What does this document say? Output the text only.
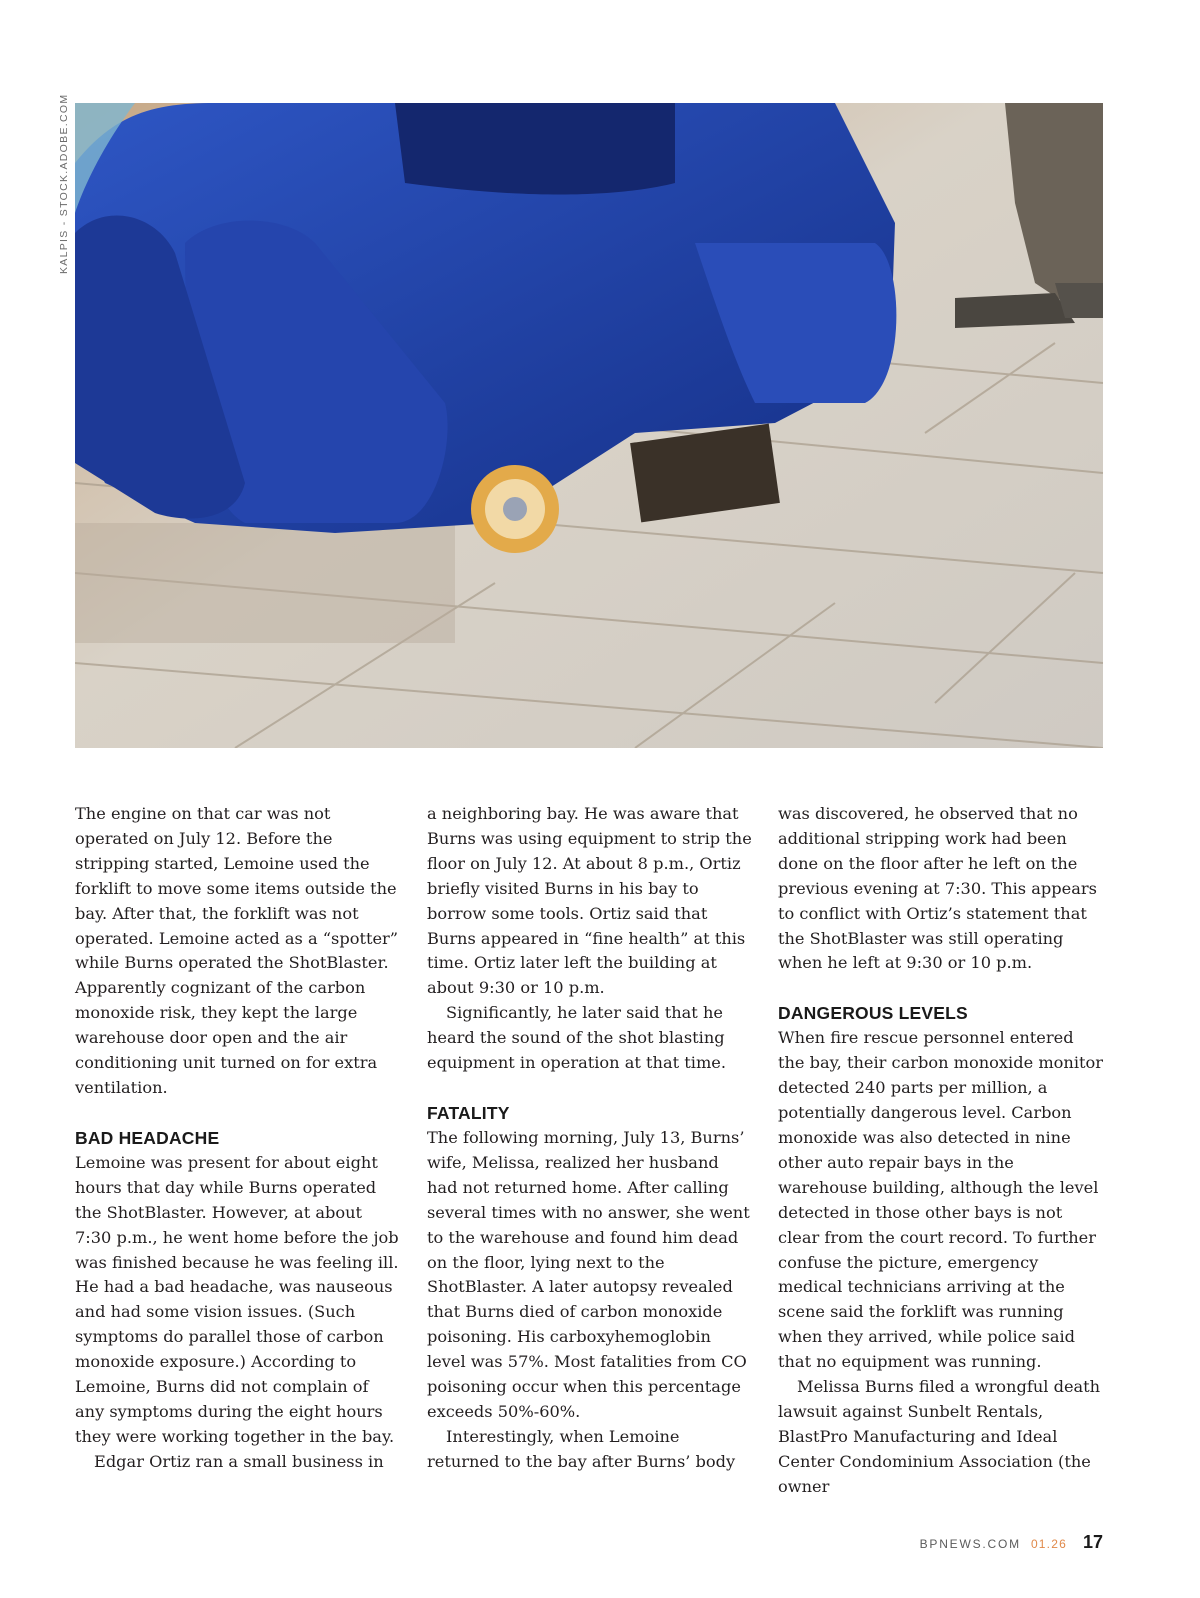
KALPIS - STOCK.ADOBE.COM

The engine on that car was not operated on July 12. Before the stripping started, Lemoine used the forklift to move some items outside the bay. After that, the forklift was not operated. Lemoine acted as a “spotter” while Burns operated the ShotBlaster. Apparently cognizant of the carbon monoxide risk, they kept the large warehouse door open and the air conditioning unit turned on for extra ventilation.

BAD HEADACHE

Lemoine was present for about eight hours that day while Burns operated the ShotBlaster. However, at about 7:30 p.m., he went home before the job was finished because he was feeling ill. He had a bad headache, was nauseous and had some vision issues. (Such symptoms do parallel those of carbon monoxide exposure.) According to Lemoine, Burns did not complain of any symptoms during the eight hours they were working together in the bay.

Edgar Ortiz ran a small business in

a neighboring bay. He was aware that Burns was using equipment to strip the floor on July 12. At about 8 p.m., Ortiz briefly visited Burns in his bay to borrow some tools. Ortiz said that Burns appeared in “fine health” at this time. Ortiz later left the building at about 9:30 or 10 p.m.

Significantly, he later said that he heard the sound of the shot blasting equipment in operation at that time.

FATALITY

The following morning, July 13, Burns’ wife, Melissa, realized her husband had not returned home. After calling several times with no answer, she went to the warehouse and found him dead on the floor, lying next to the ShotBlaster. A later autopsy revealed that Burns died of carbon monoxide poisoning. His carboxyhemoglobin level was 57%. Most fatalities from CO poisoning occur when this percentage exceeds 50%-60%.

Interestingly, when Lemoine returned to the bay after Burns’ body

was discovered, he observed that no additional stripping work had been done on the floor after he left on the previous evening at 7:30. This appears to conflict with Ortiz’s statement that the ShotBlaster was still operating when he left at 9:30 or 10 p.m.

DANGEROUS LEVELS

When fire rescue personnel entered the bay, their carbon monoxide monitor detected 240 parts per million, a potentially dangerous level. Carbon monoxide was also detected in nine other auto repair bays in the warehouse building, although the level detected in those other bays is not clear from the court record. To further confuse the picture, emergency medical technicians arriving at the scene said the forklift was running when they arrived, while police said that no equipment was running.

Melissa Burns filed a wrongful death lawsuit against Sunbelt Rentals, BlastPro Manufacturing and Ideal Center Condominium Association (the owner

BPNEWS.COM 01.26 17
